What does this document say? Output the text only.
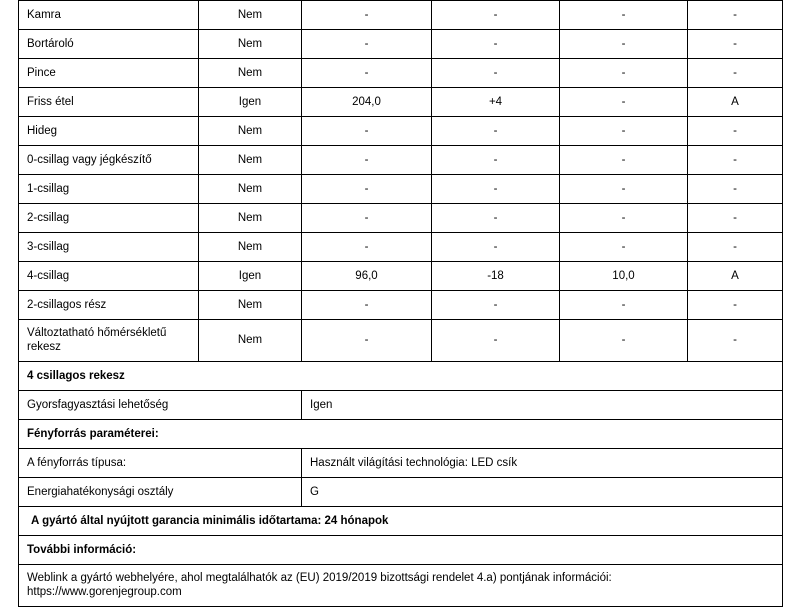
Kamra	Nem	-	-	-	-
Bortároló	Nem	-	-	-	-
Pince	Nem	-	-	-	-
Friss étel	Igen	204,0	+4	-	A
Hideg	Nem	-	-	-	-
0-csillag vagy jégkészítő	Nem	-	-	-	-
1-csillag	Nem	-	-	-	-
2-csillag	Nem	-	-	-	-
3-csillag	Nem	-	-	-	-
4-csillag	Igen	96,0	-18	10,0	A
2-csillagos rész	Nem	-	-	-	-
Változtatható hőmérsékletű rekesz	Nem	-	-	-	-
4 csillagos rekesz					
Gyorsfagyasztási lehetőség		Igen			
Fényforrás paraméterei:					
A fényforrás típusa:		Használt világítási technológia: LED csík			
Energiahatékonysági osztály		G			
A gyártó által nyújtott garancia minimális időtartama: 24 hónapok					
További információ:					

Weblink a gyártó webhelyére, ahol megtalálhatók az (EU) 2019/2019 bizottsági rendelet 4.a) pontjának információi:
https://www.gorenjegroup.com					
